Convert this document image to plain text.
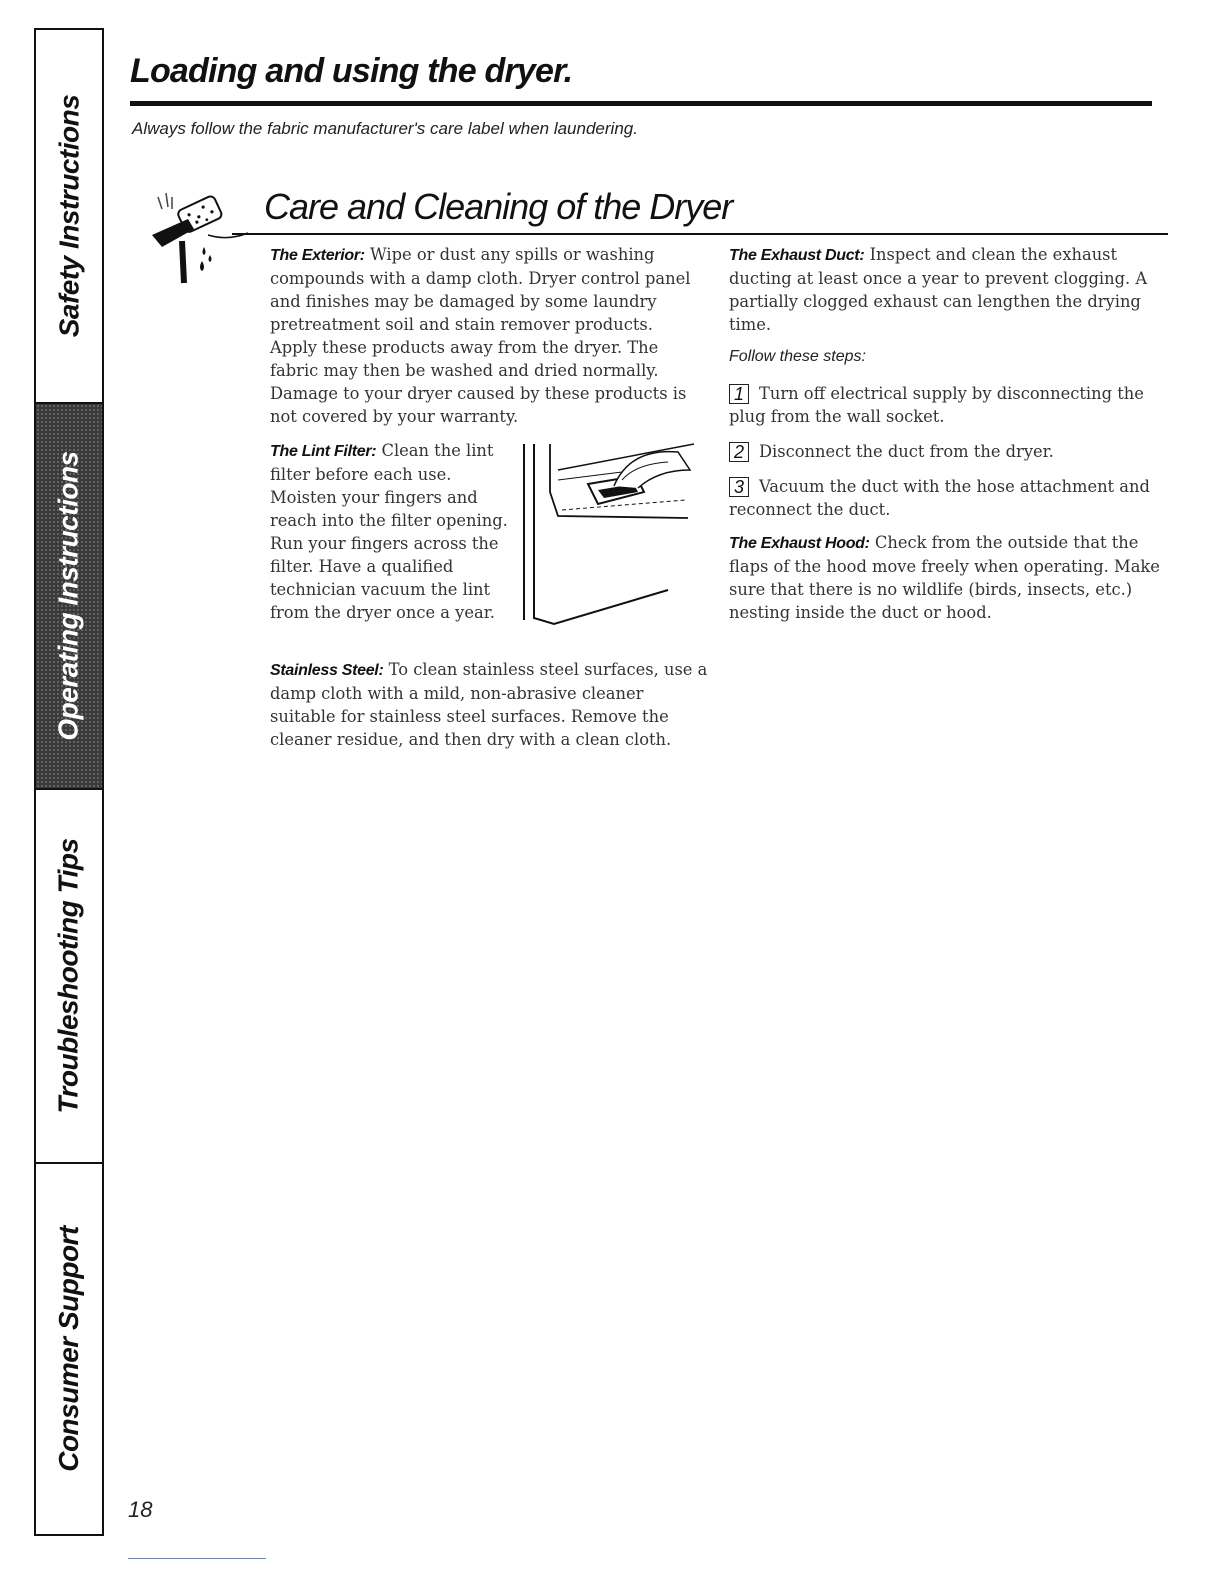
Safety Instructions
Operating Instructions
Troubleshooting Tips
Consumer Support
Loading and using the dryer.

Always follow the fabric manufacturer's care label when laundering.

Care and Cleaning of the Dryer

The Exterior: Wipe or dust any spills or washing compounds with a damp cloth. Dryer control panel and finishes may be damaged by some laundry pretreatment soil and stain remover products. Apply these products away from the dryer. The fabric may then be washed and dried normally. Damage to your dryer caused by these products is not covered by your warranty.

The Lint Filter: Clean the lint filter before each use. Moisten your fingers and reach into the filter opening. Run your fingers across the filter. Have a qualified technician vacuum the lint from the dryer once a year.

Stainless Steel: To clean stainless steel surfaces, use a damp cloth with a mild, non-abrasive cleaner suitable for stainless steel surfaces. Remove the cleaner residue, and then dry with a clean cloth.

The Exhaust Duct: Inspect and clean the exhaust ducting at least once a year to prevent clogging. A partially clogged exhaust can lengthen the drying time.

Follow these steps:

1 Turn off electrical supply by disconnecting the plug from the wall socket.
2 Disconnect the duct from the dryer.
3 Vacuum the duct with the hose attachment and reconnect the duct.

The Exhaust Hood: Check from the outside that the flaps of the hood move freely when operating. Make sure that there is no wildlife (birds, insects, etc.) nesting inside the duct or hood.

18
